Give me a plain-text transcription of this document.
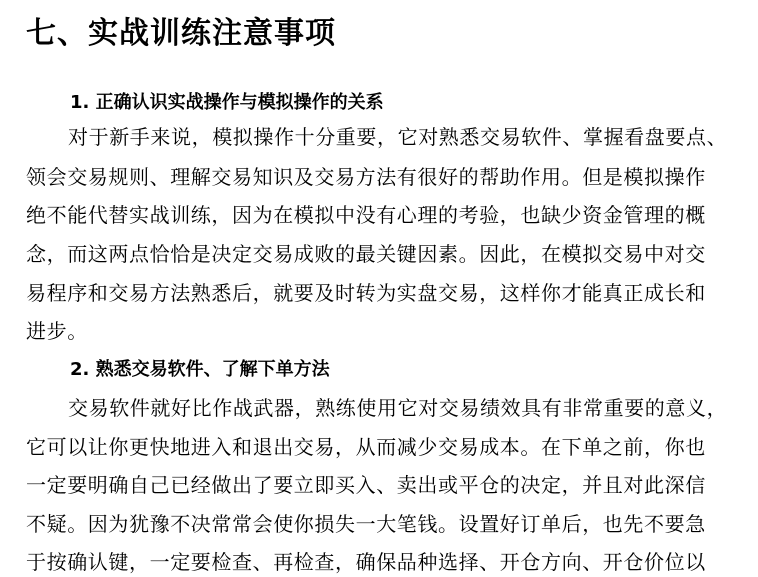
七、实战训练注意事项
1. 正确认识实战操作与模拟操作的关系
对于新手来说，模拟操作十分重要，它对熟悉交易软件、掌握看盘要点、
领会交易规则、理解交易知识及交易方法有很好的帮助作用。但是模拟操作
绝不能代替实战训练，因为在模拟中没有心理的考验，也缺少资金管理的概
念，而这两点恰恰是决定交易成败的最关键因素。因此，在模拟交易中对交
易程序和交易方法熟悉后，就要及时转为实盘交易，这样你才能真正成长和
进步。
2. 熟悉交易软件、了解下单方法
交易软件就好比作战武器，熟练使用它对交易绩效具有非常重要的意义，
它可以让你更快地进入和退出交易，从而减少交易成本。在下单之前，你也
一定要明确自己已经做出了要立即买入、卖出或平仓的决定，并且对此深信
不疑。因为犹豫不决常常会使你损失一大笔钱。设置好订单后，也先不要急
于按确认键，一定要检查、再检查，确保品种选择、开仓方向、开仓价位以
